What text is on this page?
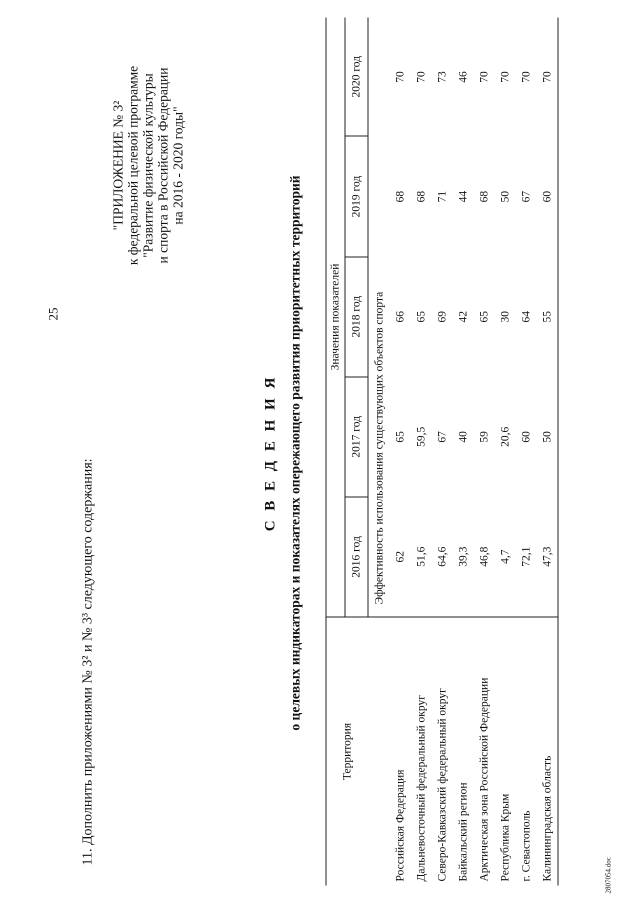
25
11. Дополнить приложениями № 3² и № 3³ следующего содержания:
"ПРИЛОЖЕНИЕ № 3² к федеральной целевой программе "Развитие физической культуры и спорта в Российской Федерации на 2016 - 2020 годы"
С В Е Д Е Н И Я о целевых индикаторах и показателях опережающего развития приоритетных территорий
Территория	Значения показателей				
	2016 год	2017 год	2018 год	2019 год	2020 год
	Эффективность использования существующих объектов спорта				
Российская Федерация	62	65	66	68	70
Дальневосточный федеральный округ	51,6	59,5	65	68	70
Северо-Кавказский федеральный округ	64,6	67	69	71	73
Байкальский регион	39,3	40	42	44	46
Арктическая зона Российской Федерации	46,8	59	65	68	70
Республика Крым	4,7	20,6	30	50	70
г. Севастополь	72,1	60	64	67	70
Калининградская область	47,3	50	55	60	70
2807054.doc
